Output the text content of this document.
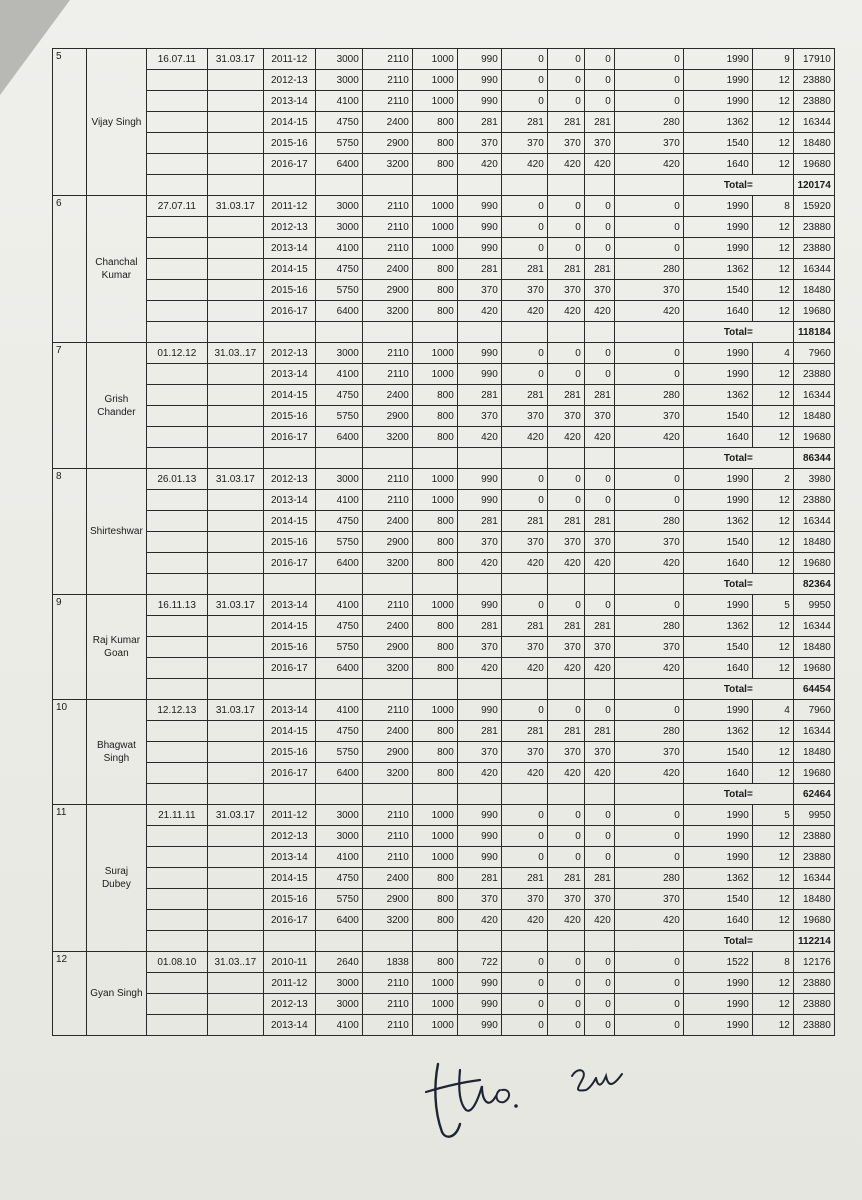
5	Vijay Singh	16.07.11	31.03.17	2011-12	3000	2110	1000	990	0	0	0	0	1990	9	17910
				2012-13	3000	2110	1000	990	0	0	0	0	1990	12	23880
				2013-14	4100	2110	1000	990	0	0	0	0	1990	12	23880
				2014-15	4750	2400	800	281	281	281	281	280	1362	12	16344
				2015-16	5750	2900	800	370	370	370	370	370	1540	12	18480
				2016-17	6400	3200	800	420	420	420	420	420	1640	12	19680
													Total=		120174
6	Chanchal Kumar	27.07.11	31.03.17	2011-12	3000	2110	1000	990	0	0	0	0	1990	8	15920
				2012-13	3000	2110	1000	990	0	0	0	0	1990	12	23880
				2013-14	4100	2110	1000	990	0	0	0	0	1990	12	23880
				2014-15	4750	2400	800	281	281	281	281	280	1362	12	16344
				2015-16	5750	2900	800	370	370	370	370	370	1540	12	18480
				2016-17	6400	3200	800	420	420	420	420	420	1640	12	19680
													Total=		118184
7	Grish Chander	01.12.12	31.03..17	2012-13	3000	2110	1000	990	0	0	0	0	1990	4	7960
				2013-14	4100	2110	1000	990	0	0	0	0	1990	12	23880
				2014-15	4750	2400	800	281	281	281	281	280	1362	12	16344
				2015-16	5750	2900	800	370	370	370	370	370	1540	12	18480
				2016-17	6400	3200	800	420	420	420	420	420	1640	12	19680
													Total=		86344
8	Shirteshwar	26.01.13	31.03.17	2012-13	3000	2110	1000	990	0	0	0	0	1990	2	3980
				2013-14	4100	2110	1000	990	0	0	0	0	1990	12	23880
				2014-15	4750	2400	800	281	281	281	281	280	1362	12	16344
				2015-16	5750	2900	800	370	370	370	370	370	1540	12	18480
				2016-17	6400	3200	800	420	420	420	420	420	1640	12	19680
													Total=		82364
9	Raj Kumar Goan	16.11.13	31.03.17	2013-14	4100	2110	1000	990	0	0	0	0	1990	5	9950
				2014-15	4750	2400	800	281	281	281	281	280	1362	12	16344
				2015-16	5750	2900	800	370	370	370	370	370	1540	12	18480
				2016-17	6400	3200	800	420	420	420	420	420	1640	12	19680
													Total=		64454
10	Bhagwat Singh	12.12.13	31.03.17	2013-14	4100	2110	1000	990	0	0	0	0	1990	4	7960
				2014-15	4750	2400	800	281	281	281	281	280	1362	12	16344
				2015-16	5750	2900	800	370	370	370	370	370	1540	12	18480
				2016-17	6400	3200	800	420	420	420	420	420	1640	12	19680
													Total=		62464
11	Suraj Dubey	21.11.11	31.03.17	2011-12	3000	2110	1000	990	0	0	0	0	1990	5	9950
				2012-13	3000	2110	1000	990	0	0	0	0	1990	12	23880
				2013-14	4100	2110	1000	990	0	0	0	0	1990	12	23880
				2014-15	4750	2400	800	281	281	281	281	280	1362	12	16344
				2015-16	5750	2900	800	370	370	370	370	370	1540	12	18480
				2016-17	6400	3200	800	420	420	420	420	420	1640	12	19680
													Total=		112214
12	Gyan Singh	01.08.10	31.03..17	2010-11	2640	1838	800	722	0	0	0	0	1522	8	12176
				2011-12	3000	2110	1000	990	0	0	0	0	1990	12	23880
				2012-13	3000	2110	1000	990	0	0	0	0	1990	12	23880
				2013-14	4100	2110	1000	990	0	0	0	0	1990	12	23880
